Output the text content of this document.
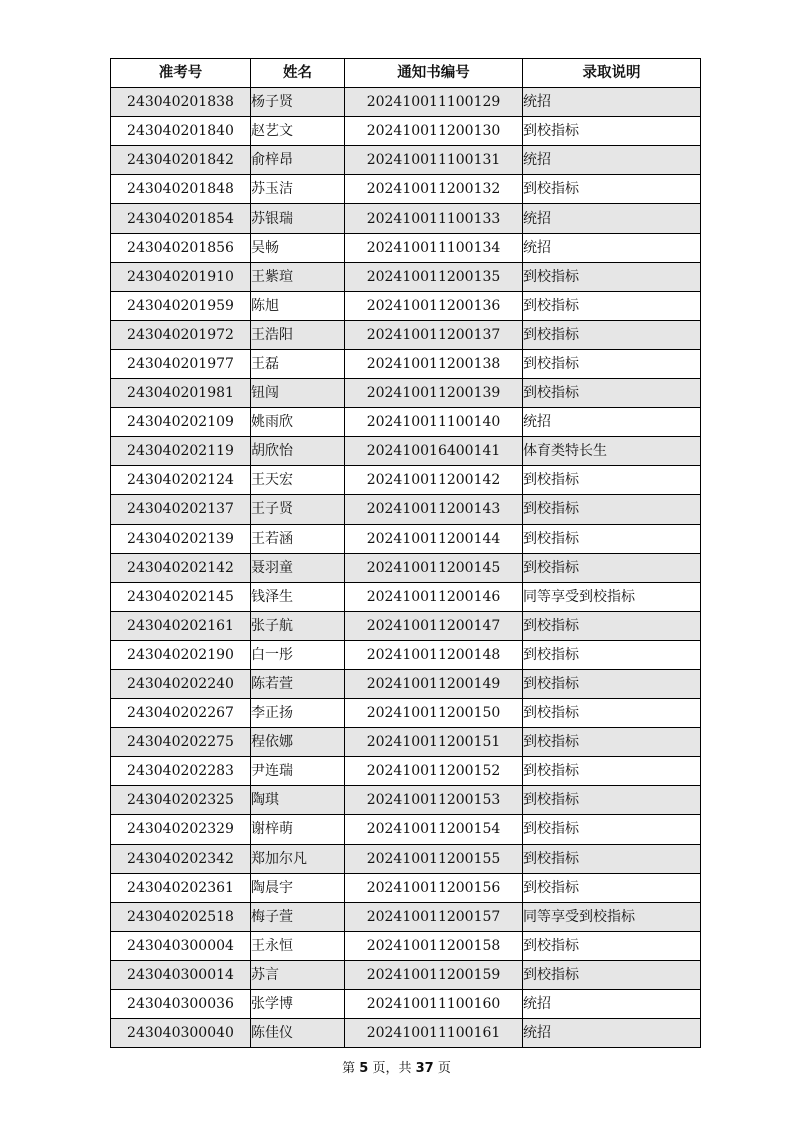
准考号	姓名	通知书编号	录取说明
243040201838	杨子贤	202410011100129	统招
243040201840	赵艺文	202410011200130	到校指标
243040201842	俞梓昂	202410011100131	统招
243040201848	苏玉洁	202410011200132	到校指标
243040201854	苏银瑞	202410011100133	统招
243040201856	吴畅	202410011100134	统招
243040201910	王紫瑄	202410011200135	到校指标
243040201959	陈旭	202410011200136	到校指标
243040201972	王浩阳	202410011200137	到校指标
243040201977	王磊	202410011200138	到校指标
243040201981	钮闯	202410011200139	到校指标
243040202109	姚雨欣	202410011100140	统招
243040202119	胡欣怡	202410016400141	体育类特长生
243040202124	王天宏	202410011200142	到校指标
243040202137	王子贤	202410011200143	到校指标
243040202139	王若涵	202410011200144	到校指标
243040202142	聂羽童	202410011200145	到校指标
243040202145	钱泽生	202410011200146	同等享受到校指标
243040202161	张子航	202410011200147	到校指标
243040202190	白一彤	202410011200148	到校指标
243040202240	陈若萱	202410011200149	到校指标
243040202267	李正扬	202410011200150	到校指标
243040202275	程依娜	202410011200151	到校指标
243040202283	尹连瑞	202410011200152	到校指标
243040202325	陶琪	202410011200153	到校指标
243040202329	谢梓萌	202410011200154	到校指标
243040202342	郑加尔凡	202410011200155	到校指标
243040202361	陶晨宇	202410011200156	到校指标
243040202518	梅子萱	202410011200157	同等享受到校指标
243040300004	王永恒	202410011200158	到校指标
243040300014	苏言	202410011200159	到校指标
243040300036	张学博	202410011100160	统招
243040300040	陈佳仪	202410011100161	统招
第 5 页，共 37 页
